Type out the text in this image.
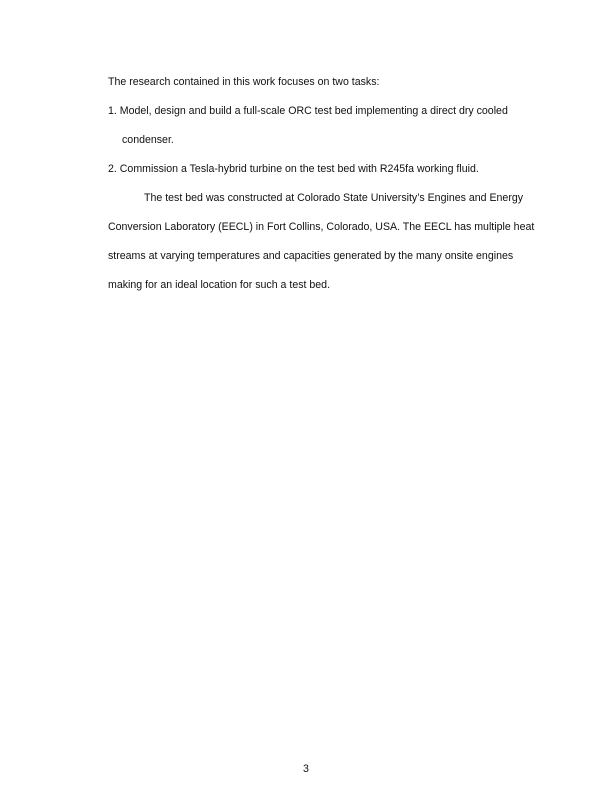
The research contained in this work focuses on two tasks:
1. Model, design and build a full-scale ORC test bed implementing a direct dry cooled
condenser.
2. Commission a Tesla-hybrid turbine on the test bed with R245fa working fluid.
The test bed was constructed at Colorado State University’s Engines and Energy
Conversion Laboratory (EECL) in Fort Collins, Colorado, USA. The EECL has multiple heat
streams at varying temperatures and capacities generated by the many onsite engines
making for an ideal location for such a test bed.
3
